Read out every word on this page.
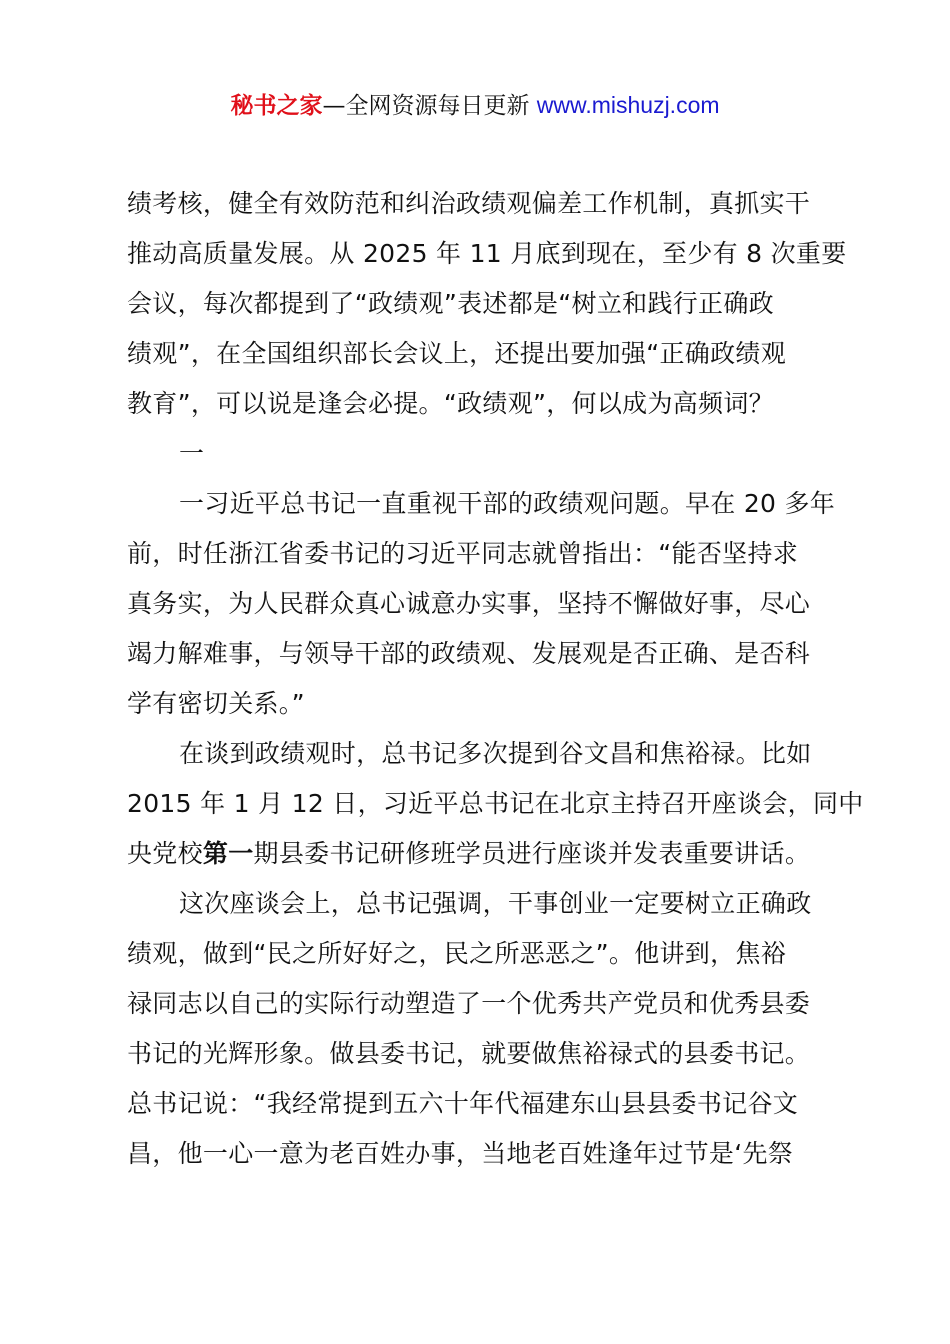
秘书之家—全网资源每日更新 www.mishuzj.com
绩考核，健全有效防范和纠治政绩观偏差工作机制，真抓实干
推动高质量发展。从 2025 年 11 月底到现在，至少有 8 次重要
会议，每次都提到了“政绩观”表述都是“树立和践行正确政
绩观”，在全国组织部长会议上，还提出要加强“正确政绩观
教育”，可以说是逢会必提。“政绩观”，何以成为高频词？
一
一习近平总书记一直重视干部的政绩观问题。早在 20 多年
前，时任浙江省委书记的习近平同志就曾指出：“能否坚持求
真务实，为人民群众真心诚意办实事，坚持不懈做好事，尽心
竭力解难事，与领导干部的政绩观、发展观是否正确、是否科
学有密切关系。”
在谈到政绩观时，总书记多次提到谷文昌和焦裕禄。比如
2015 年 1 月 12 日，习近平总书记在北京主持召开座谈会，同中
央党校第一期县委书记研修班学员进行座谈并发表重要讲话。
这次座谈会上，总书记强调，干事创业一定要树立正确政
绩观，做到“民之所好好之，民之所恶恶之”。他讲到，焦裕
禄同志以自己的实际行动塑造了一个优秀共产党员和优秀县委
书记的光辉形象。做县委书记，就要做焦裕禄式的县委书记。
总书记说：“我经常提到五六十年代福建东山县县委书记谷文
昌，他一心一意为老百姓办事，当地老百姓逢年过节是‘先祭
